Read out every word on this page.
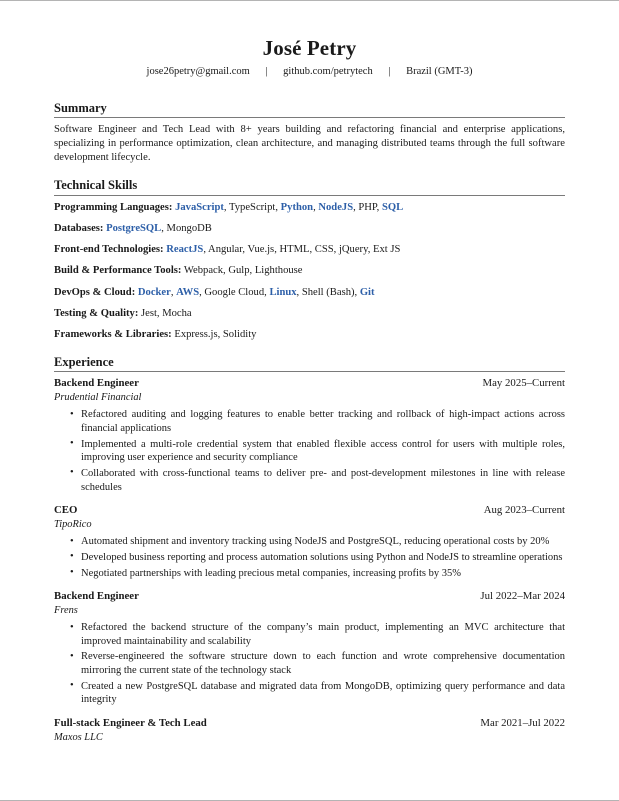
José Petry
jose26petry@gmail.com | github.com/petrytech | Brazil (GMT-3)
Summary

Software Engineer and Tech Lead with 8+ years building and refactoring financial and enterprise applications, specializing in performance optimization, clean architecture, and managing distributed teams through the full software development lifecycle.

Technical Skills

Programming Languages: JavaScript, TypeScript, Python, NodeJS, PHP, SQL

Databases: PostgreSQL, MongoDB

Front-end Technologies: ReactJS, Angular, Vue.js, HTML, CSS, jQuery, Ext JS

Build & Performance Tools: Webpack, Gulp, Lighthouse

DevOps & Cloud: Docker, AWS, Google Cloud, Linux, Shell (Bash), Git

Testing & Quality: Jest, Mocha

Frameworks & Libraries: Express.js, Solidity

Experience
Backend Engineer	May 2025–Current
Prudential Financial
• Refactored auditing and logging features to enable better tracking and rollback of high-impact actions across financial applications
• Implemented a multi-role credential system that enabled flexible access control for users with multiple roles, improving user experience and security compliance
• Collaborated with cross-functional teams to deliver pre- and post-development milestones in line with release schedules
CEO	Aug 2023–Current
TipoRico
• Automated shipment and inventory tracking using NodeJS and PostgreSQL, reducing operational costs by 20%
• Developed business reporting and process automation solutions using Python and NodeJS to streamline operations
• Negotiated partnerships with leading precious metal companies, increasing profits by 35%
Backend Engineer	Jul 2022–Mar 2024
Frens
• Refactored the backend structure of the company’s main product, implementing an MVC architecture that improved maintainability and scalability
• Reverse-engineered the software structure down to each function and wrote comprehensive documentation mirroring the current state of the technology stack
• Created a new PostgreSQL database and migrated data from MongoDB, optimizing query performance and data integrity
Full-stack Engineer & Tech Lead	Mar 2021–Jul 2022
Maxos LLC
